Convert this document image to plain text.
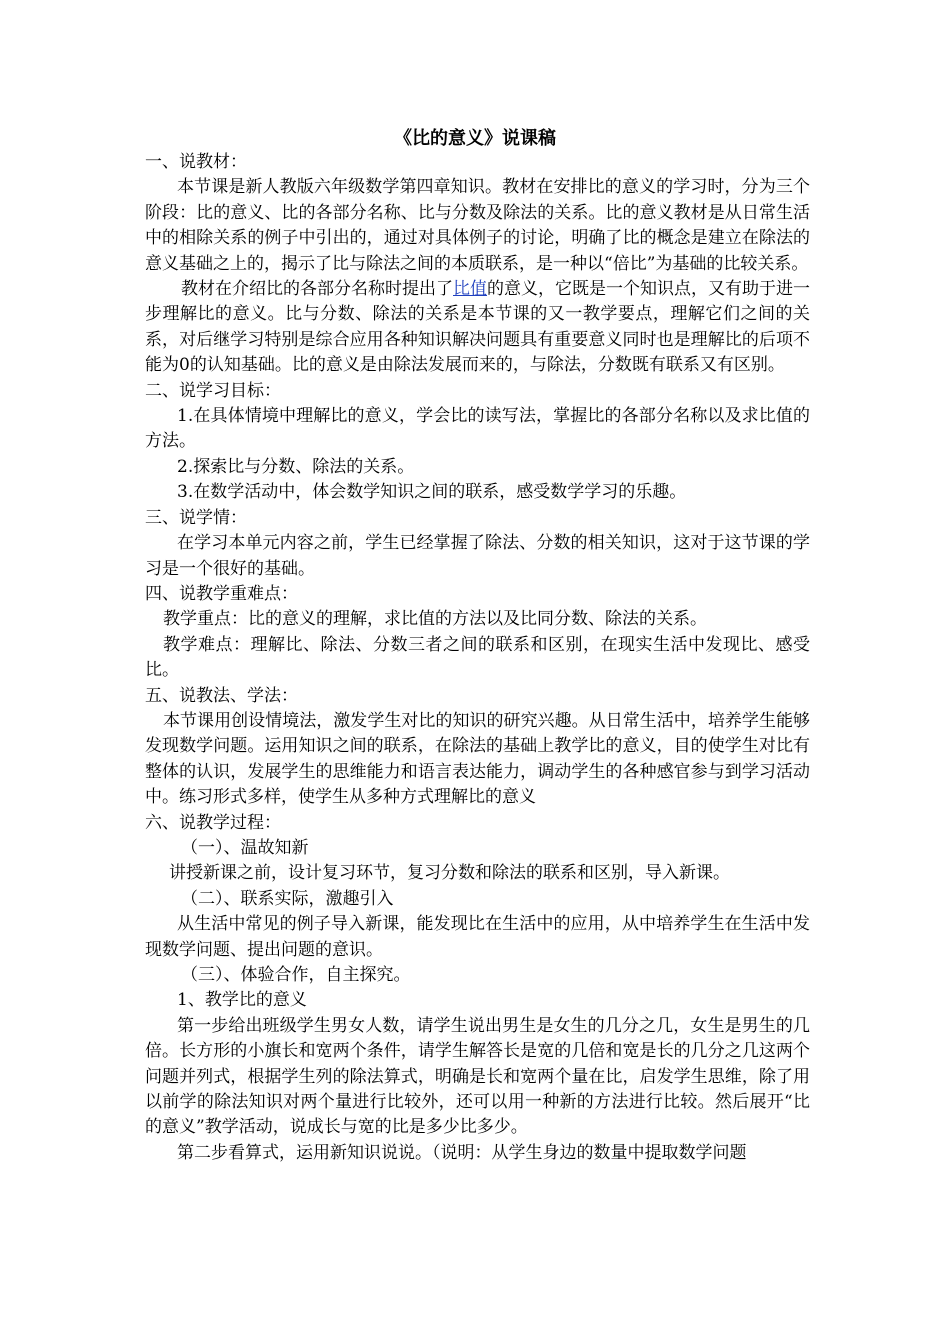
《比的意义》说课稿

一、说教材：

本节课是新人教版六年级数学第四章知识。教材在安排比的意义的学习时，分为三个阶段：比的意义、比的各部分名称、比与分数及除法的关系。比的意义教材是从日常生活中的相除关系的例子中引出的，通过对具体例子的讨论，明确了比的概念是建立在除法的意义基础之上的，揭示了比与除法之间的本质联系，是一种以“倍比”为基础的比较关系。

教材在介绍比的各部分名称时提出了比值的意义，它既是一个知识点，又有助于进一步理解比的意义。比与分数、除法的关系是本节课的又一教学要点，理解它们之间的关系，对后继学习特别是综合应用各种知识解决问题具有重要意义同时也是理解比的后项不能为0的认知基础。比的意义是由除法发展而来的，与除法，分数既有联系又有区别。

二、说学习目标：

1.在具体情境中理解比的意义，学会比的读写法，掌握比的各部分名称以及求比值的方法。

2.探索比与分数、除法的关系。

3.在数学活动中，体会数学知识之间的联系，感受数学学习的乐趣。

三、说学情：

在学习本单元内容之前，学生已经掌握了除法、分数的相关知识，这对于这节课的学习是一个很好的基础。

四、说教学重难点：

教学重点：比的意义的理解，求比值的方法以及比同分数、除法的关系。

教学难点：理解比、除法、分数三者之间的联系和区别，在现实生活中发现比、感受比。

五、说教法、学法：

本节课用创设情境法，激发学生对比的知识的研究兴趣。从日常生活中，培养学生能够发现数学问题。运用知识之间的联系，在除法的基础上教学比的意义，目的使学生对比有整体的认识，发展学生的思维能力和语言表达能力，调动学生的各种感官参与到学习活动中。练习形式多样，使学生从多种方式理解比的意义

六、说教学过程：

（一）、温故知新

讲授新课之前，设计复习环节，复习分数和除法的联系和区别，导入新课。

（二）、联系实际，激趣引入

从生活中常见的例子导入新课，能发现比在生活中的应用，从中培养学生在生活中发现数学问题、提出问题的意识。

（三）、体验合作，自主探究。

1、教学比的意义

第一步给出班级学生男女人数，请学生说出男生是女生的几分之几，女生是男生的几倍。长方形的小旗长和宽两个条件，请学生解答长是宽的几倍和宽是长的几分之几这两个问题并列式，根据学生列的除法算式，明确是长和宽两个量在比，启发学生思维，除了用以前学的除法知识对两个量进行比较外，还可以用一种新的方法进行比较。然后展开“比的意义”教学活动，说成长与宽的比是多少比多少。

第二步看算式，运用新知识说说。（说明：从学生身边的数量中提取数学问题
